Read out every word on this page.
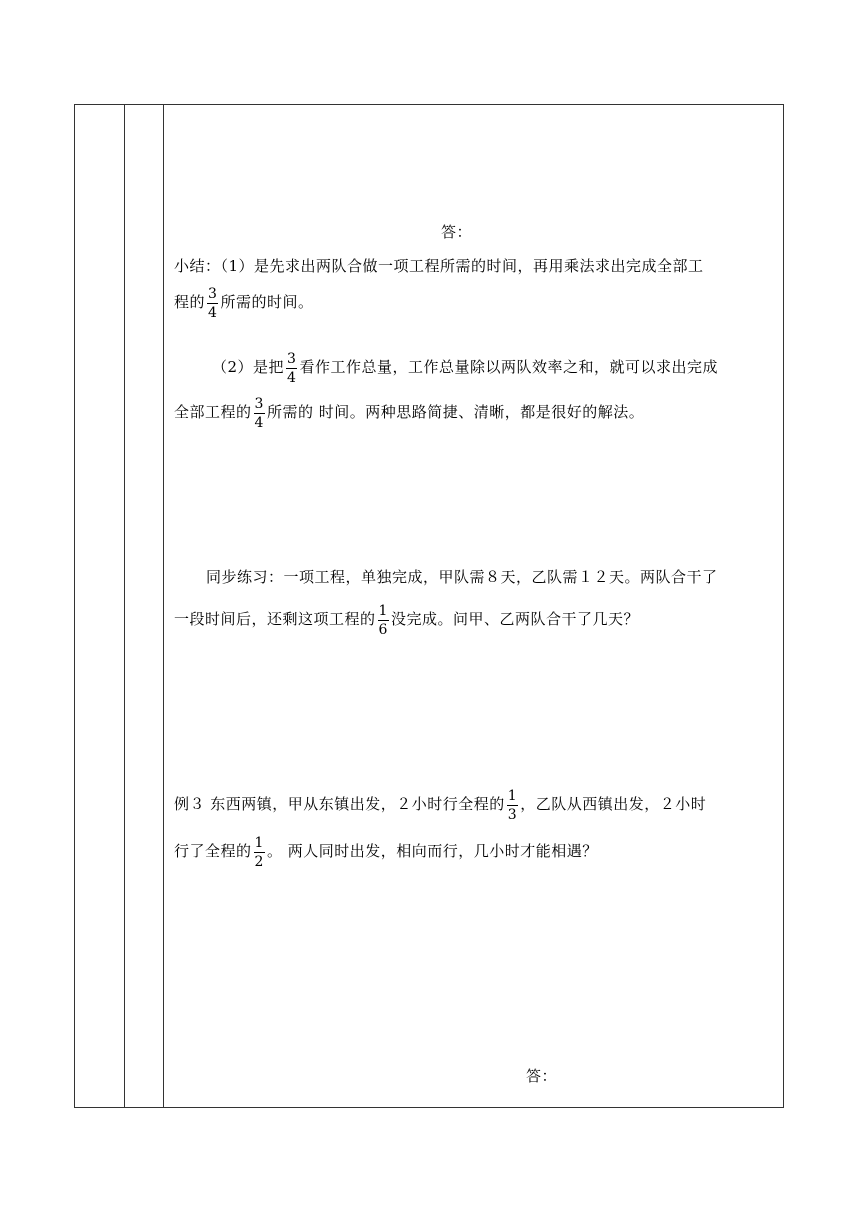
答：
小结：（1）是先求出两队合做一项工程所需的时间，再用乘法求出完成全部工
程的 $\frac{3}{4}$ 所需的时间。
（2）是把 $\frac{3}{4}$ 看作工作总量，工作总量除以两队效率之和，就可以求出完成
全部工程的 $\frac{3}{4}$ 所需的 时间。两种思路简捷、清晰，都是很好的解法。
同步练习：一项工程，单独完成，甲队需８天，乙队需１２天。两队合干了
一段时间后，还剩这项工程的 $\frac{1}{6}$ 没完成。问甲、乙两队合干了几天？
例３ 东西两镇，甲从东镇出发，２小时行全程的 $\frac{1}{3}$ ，乙队从西镇出发，２小时
行了全程的 $\frac{1}{2}$ 。 两人同时出发，相向而行，几小时才能相遇？
答：
